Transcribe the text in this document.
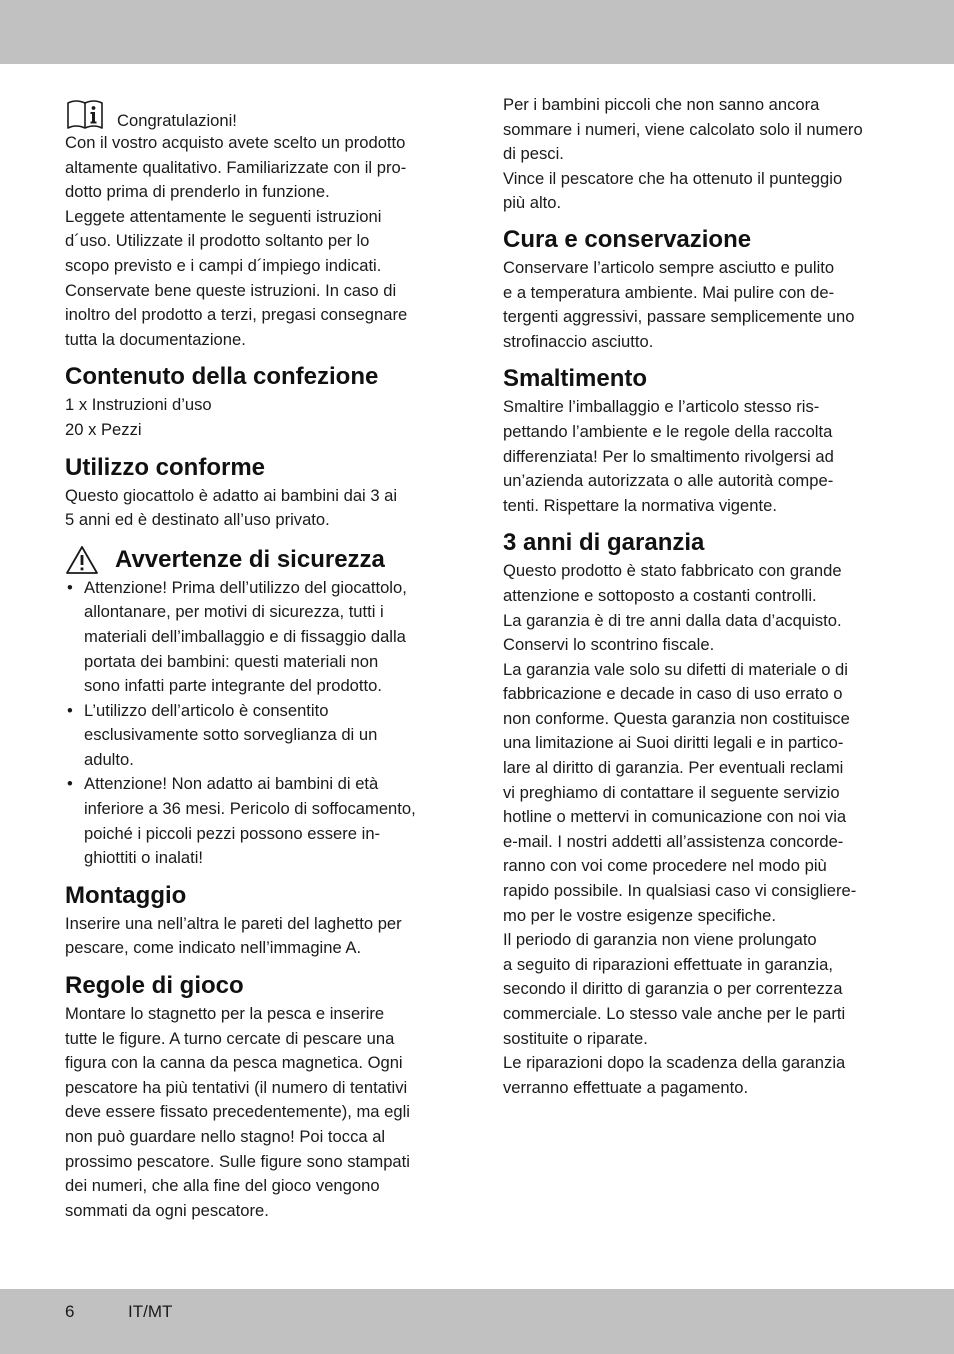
Congratulazioni!

Con il vostro acquisto avete scelto un prodotto

altamente qualitativo. Familiarizzate con il pro-

dotto prima di prenderlo in funzione.

Leggete attentamente le seguenti istruzioni

d´uso. Utilizzate il prodotto soltanto per lo

scopo previsto e i campi d´impiego indicati.

Conservate bene queste istruzioni. In caso di

inoltro del prodotto a terzi, pregasi consegnare

tutta la documentazione.

Contenuto della confezione

1 x Instruzioni d’uso

20 x Pezzi

Utilizzo conforme

Questo giocattolo è adatto ai bambini dai 3 ai

5 anni ed è destinato all’uso privato.

Avvertenze di sicurezza
• Attenzione! Prima dell’utilizzo del giocattolo,
allontanare, per motivi di sicurezza, tutti i
materiali dell’imballaggio e di fissaggio dalla
portata dei bambini: questi materiali non
sono infatti parte integrante del prodotto.
• L’utilizzo dell’articolo è consentito
esclusivamente sotto sorveglianza di un
adulto.
• Attenzione! Non adatto ai bambini di età
inferiore a 36 mesi. Pericolo di soffocamento,
poiché i piccoli pezzi possono essere in-
ghiottiti o inalati!
Montaggio

Inserire una nell’altra le pareti del laghetto per

pescare, come indicato nell’immagine A.

Regole di gioco

Montare lo stagnetto per la pesca e inserire

tutte le figure. A turno cercate di pescare una

figura con la canna da pesca magnetica. Ogni

pescatore ha più tentativi (il numero di tentativi

deve essere fissato precedentemente), ma egli

non può guardare nello stagno! Poi tocca al

prossimo pescatore. Sulle figure sono stampati

dei numeri, che alla fine del gioco vengono

sommati da ogni pescatore.

Per i bambini piccoli che non sanno ancora

sommare i numeri, viene calcolato solo il numero

di pesci.

Vince il pescatore che ha ottenuto il punteggio

più alto.

Cura e conservazione

Conservare l’articolo sempre asciutto e pulito

e a temperatura ambiente. Mai pulire con de-

tergenti aggressivi, passare semplicemente uno

strofinaccio asciutto.

Smaltimento

Smaltire l’imballaggio e l’articolo stesso ris-

pettando l’ambiente e le regole della raccolta

differenziata! Per lo smaltimento rivolgersi ad

un’azienda autorizzata o alle autorità compe-

tenti. Rispettare la normativa vigente.

3 anni di garanzia

Questo prodotto è stato fabbricato con grande

attenzione e sottoposto a costanti controlli.

La garanzia è di tre anni dalla data d’acquisto.

Conservi lo scontrino fiscale.

La garanzia vale solo su difetti di materiale o di

fabbricazione e decade in caso di uso errato o

non conforme. Questa garanzia non costituisce

una limitazione ai Suoi diritti legali e in partico-

lare al diritto di garanzia. Per eventuali reclami

vi preghiamo di contattare il seguente servizio

hotline o mettervi in comunicazione con noi via

e-mail. I nostri addetti all’assistenza concorde-

ranno con voi come procedere nel modo più

rapido possibile. In qualsiasi caso vi consigliere-

mo per le vostre esigenze specifiche.

Il periodo di garanzia non viene prolungato

a seguito di riparazioni effettuate in garanzia,

secondo il diritto di garanzia o per correntezza

commerciale. Lo stesso vale anche per le parti

sostituite o riparate.

Le riparazioni dopo la scadenza della garanzia

verranno effettuate a pagamento.

6	IT/MT
